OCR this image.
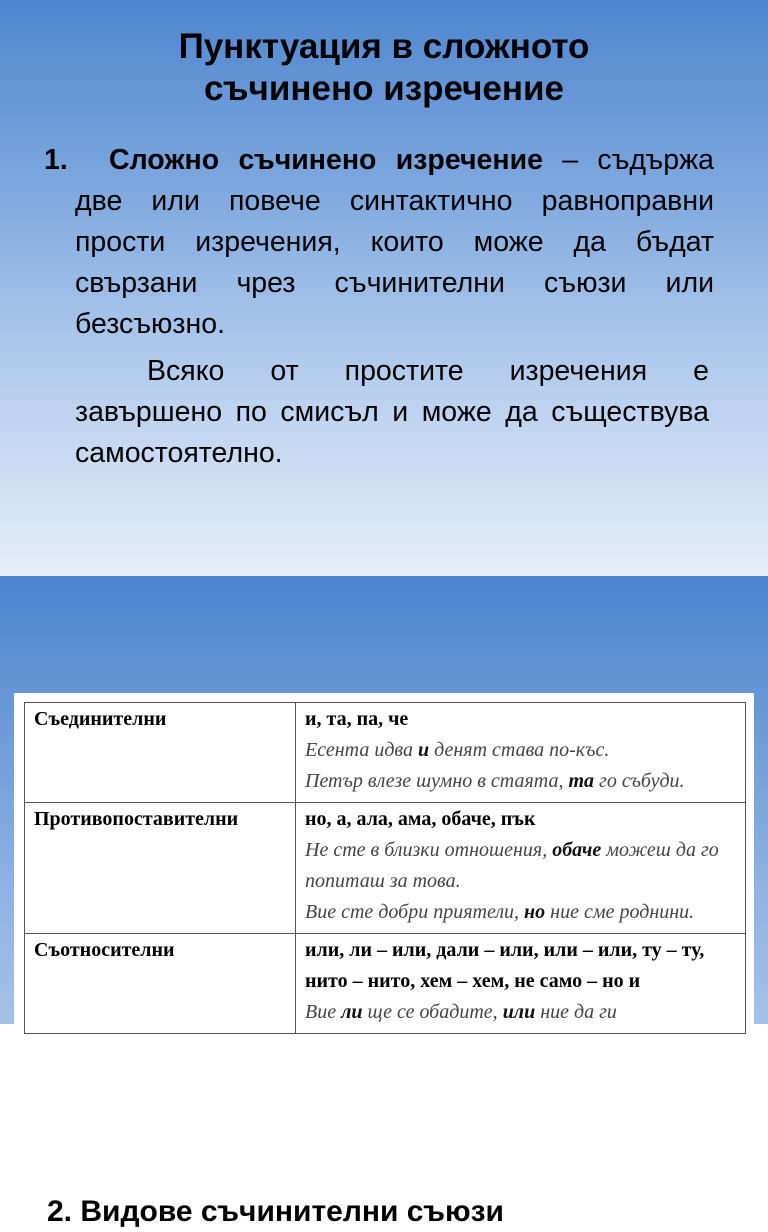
Пунктуация в сложното
съчинено изречение
1.	Сложно съчинено изречение – съдържа две или повече синтактично равноправни прости изречения, които може да бъдат свързани чрез съчинителни съюзи или безсъюзно.
Всяко от простите изречения е завършено по смисъл и може да съществува самостоятелно.
2. Видове съчинителни съюзи
Съединителни	и, та, па, че
Есента идва и денят става по-къс.
Петър влезе шумно в стаята, та го събуди.

Противопоставителни	но, а, ала, ама, обаче, пък
Не сте в близки отношения, обаче можеш да го попиташ за това.
Вие сте добри приятели, но ние сме роднини.

Съотносителни	или, ли – или, дали – или, или – или, ту – ту, нито – нито, хем – хем, не само – но и
Вие ли ще се обадите, или ние да ги
